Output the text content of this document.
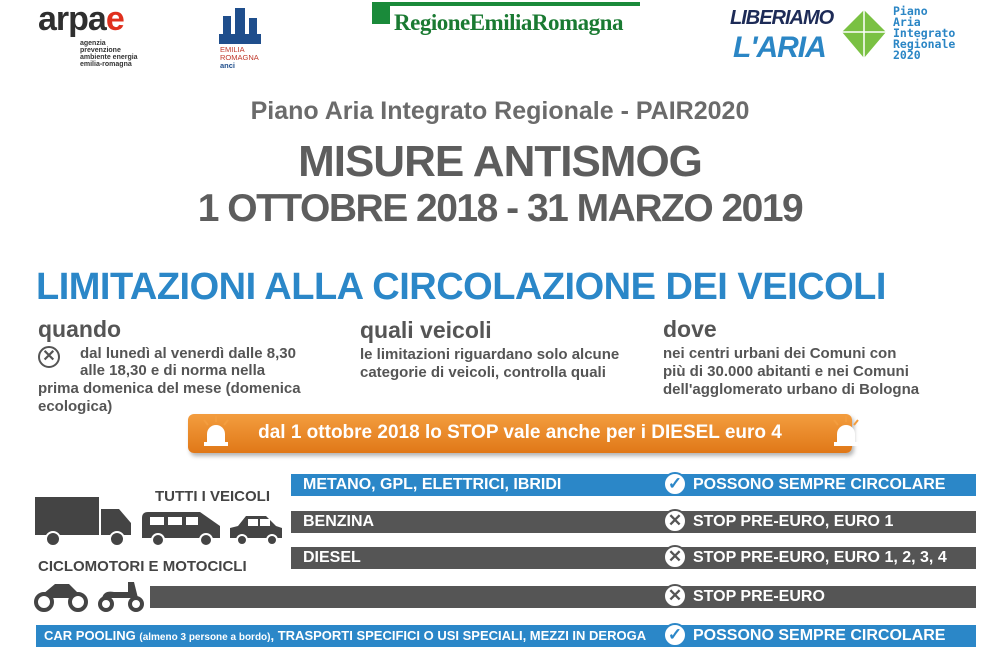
arpae
agenzia
prevenzione
ambiente energia
emilia-romagna
EMILIA
ROMAGNA
anci
RegioneEmiliaRomagna	LIBERIAMO
L'ARIA
Piano
Aria
Integrato
Regionale
2020
Piano Aria Integrato Regionale - PAIR2020
MISURE ANTISMOG
1 OTTOBRE 2018 - 31 MARZO 2019
LIMITAZIONI ALLA CIRCOLAZIONE DEI VEICOLI
quando
✕ dal lunedì al venerdì dalle 8,30
alle 18,30 e di norma nella
prima domenica del mese (domenica
ecologica)
quali veicoli
le limitazioni riguardano solo alcune
categorie di veicoli, controlla quali
dove
nei centri urbani dei Comuni con
più di 30.000 abitanti e nei Comuni
dell'agglomerato urbano di Bologna
dal 1 ottobre 2018 lo STOP vale anche per i DIESEL euro 4
TUTTI I VEICOLI
CICLOMOTORI E MOTOCICLI
METANO, GPL, ELETTRICI, IBRIDI	POSSONO SEMPRE CIRCOLARE
✓
BENZINA	STOP PRE-EURO, EURO 1
✕
DIESEL	STOP PRE-EURO, EURO 1, 2, 3, 4
✕
STOP PRE-EURO
✕
CAR POOLING (almeno 3 persone a bordo), TRASPORTI SPECIFICI O USI SPECIALI, MEZZI IN DEROGA	POSSONO SEMPRE CIRCOLARE
✓
